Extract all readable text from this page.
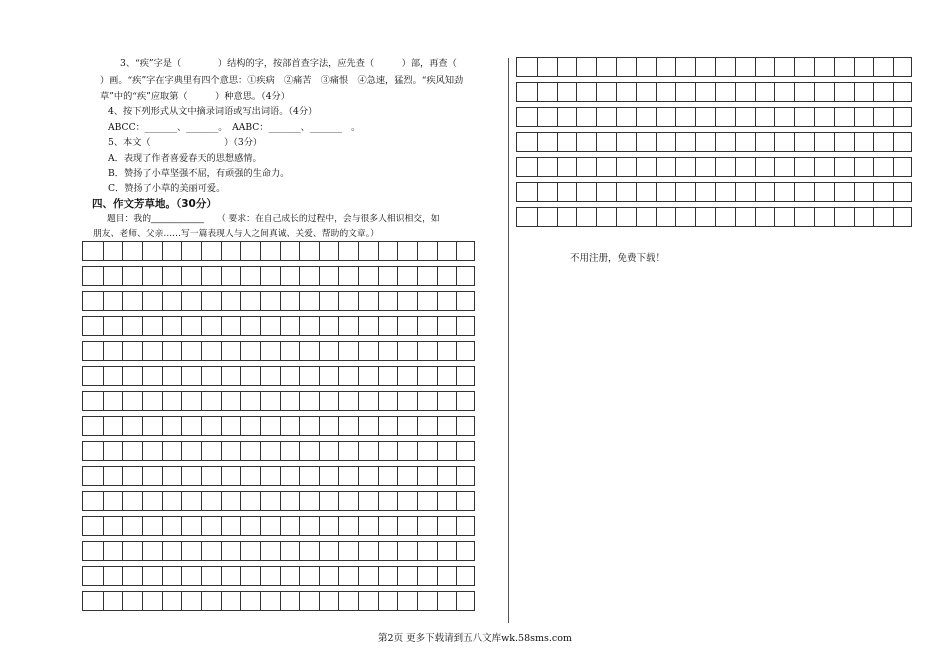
3、“疾”字是（　　　　）结构的字，按部首查字法，应先查（　　　）部，再查（
）画。“疾”字在字典里有四个意思：①疾病　②痛苦　③痛恨　④急速，猛烈。“疾风知劲
草”中的“疾”应取第（　　　）种意思。（4分）
4、按下列形式从文中摘录词语或写出词语。（4分）
ABCC：_______、_______。　AABC：_______、_______　。
5、本文（　　　　　　　　）（3分）
A．表现了作者喜爱春天的思想感情。
B．赞扬了小草坚强不屈，有顽强的生命力。
C．赞扬了小草的美丽可爱。
四、作文芳草地。（30分）
题目：我的____________　　（ 要求：在自己成长的过程中，会与很多人相识相交，如
朋友、老师、父亲……写一篇表现人与人之间真诚、关爱、帮助的文章。）
不用注册，免费下载！
第2页 更多下载请到五八文库wk.58sms.com
